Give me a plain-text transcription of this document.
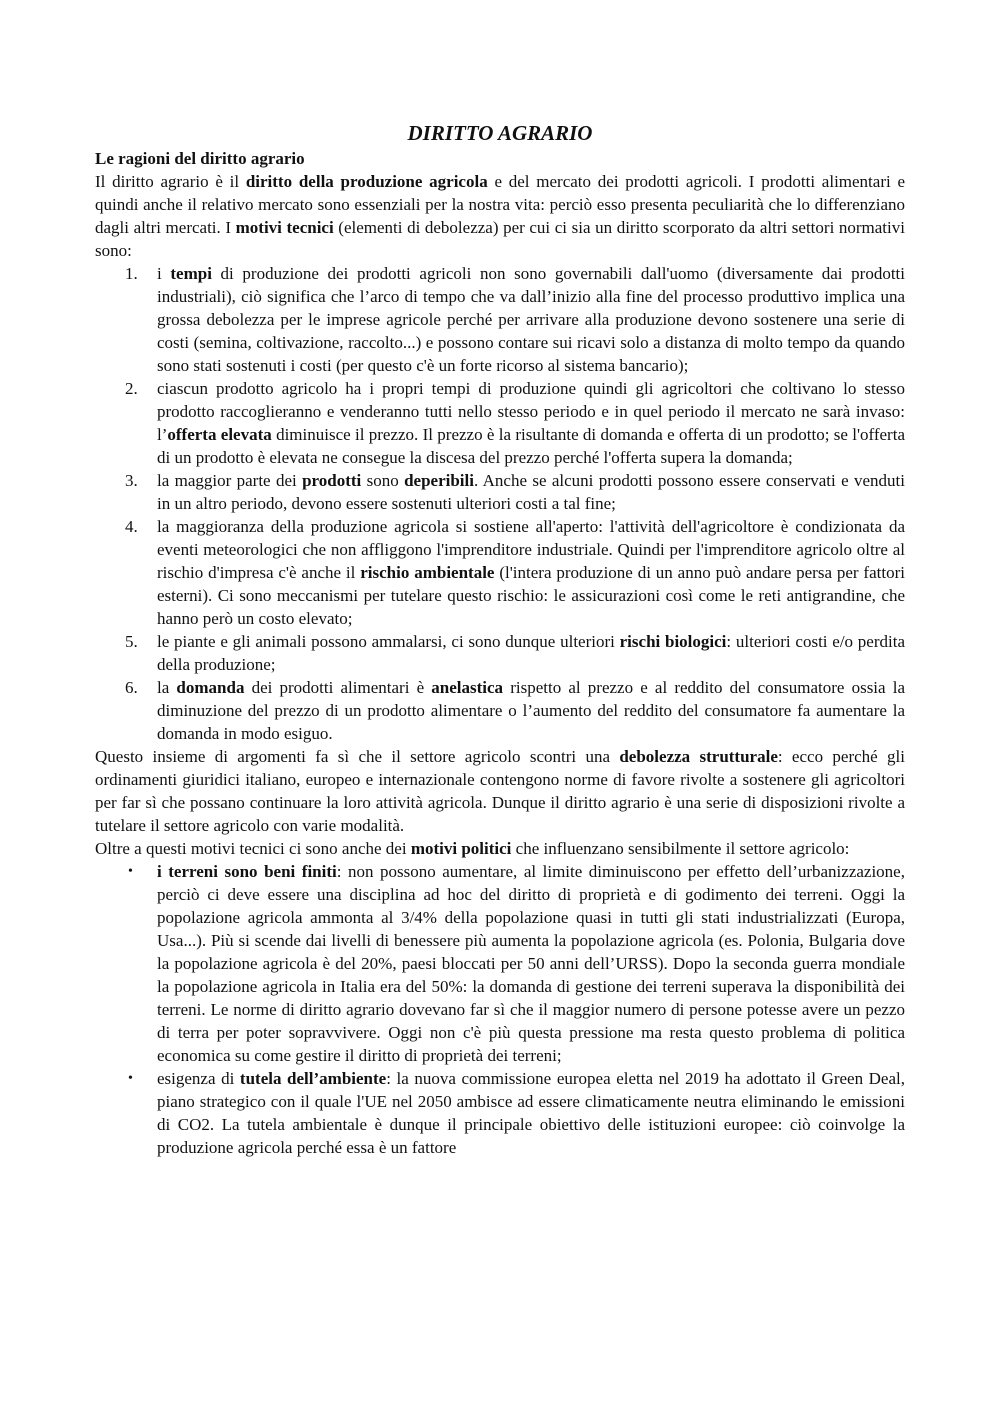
DIRITTO AGRARIO
Le ragioni del diritto agrario

Il diritto agrario è il diritto della produzione agricola e del mercato dei prodotti agricoli. I prodotti alimentari e quindi anche il relativo mercato sono essenziali per la nostra vita: perciò esso presenta peculiarità che lo differenziano dagli altri mercati. I motivi tecnici (elementi di debolezza) per cui ci sia un diritto scorporato da altri settori normativi sono:

1. i tempi di produzione dei prodotti agricoli non sono governabili dall'uomo (diversamente dai prodotti industriali), ciò significa che l’arco di tempo che va dall’inizio alla fine del processo produttivo implica una grossa debolezza per le imprese agricole perché per arrivare alla produzione devono sostenere una serie di costi (semina, coltivazione, raccolto...) e possono contare sui ricavi solo a distanza di molto tempo da quando sono stati sostenuti i costi (per questo c'è un forte ricorso al sistema bancario);
2. ciascun prodotto agricolo ha i propri tempi di produzione quindi gli agricoltori che coltivano lo stesso prodotto raccoglieranno e venderanno tutti nello stesso periodo e in quel periodo il mercato ne sarà invaso: l’offerta elevata diminuisce il prezzo. Il prezzo è la risultante di domanda e offerta di un prodotto; se l'offerta di un prodotto è elevata ne consegue la discesa del prezzo perché l'offerta supera la domanda;
3. la maggior parte dei prodotti sono deperibili. Anche se alcuni prodotti possono essere conservati e venduti in un altro periodo, devono essere sostenuti ulteriori costi a tal fine;
4. la maggioranza della produzione agricola si sostiene all'aperto: l'attività dell'agricoltore è condizionata da eventi meteorologici che non affliggono l'imprenditore industriale. Quindi per l'imprenditore agricolo oltre al rischio d'impresa c'è anche il rischio ambientale (l'intera produzione di un anno può andare persa per fattori esterni). Ci sono meccanismi per tutelare questo rischio: le assicurazioni così come le reti antigrandine, che hanno però un costo elevato;
5. le piante e gli animali possono ammalarsi, ci sono dunque ulteriori rischi biologici: ulteriori costi e/o perdita della produzione;
6. la domanda dei prodotti alimentari è anelastica rispetto al prezzo e al reddito del consumatore ossia la diminuzione del prezzo di un prodotto alimentare o l’aumento del reddito del consumatore fa aumentare la domanda in modo esiguo.

Questo insieme di argomenti fa sì che il settore agricolo scontri una debolezza strutturale: ecco perché gli ordinamenti giuridici italiano, europeo e internazionale contengono norme di favore rivolte a sostenere gli agricoltori per far sì che possano continuare la loro attività agricola. Dunque il diritto agrario è una serie di disposizioni rivolte a tutelare il settore agricolo con varie modalità.

Oltre a questi motivi tecnici ci sono anche dei motivi politici che influenzano sensibilmente il settore agricolo:

• i terreni sono beni finiti: non possono aumentare, al limite diminuiscono per effetto dell’urbanizzazione, perciò ci deve essere una disciplina ad hoc del diritto di proprietà e di godimento dei terreni. Oggi la popolazione agricola ammonta al 3/4% della popolazione quasi in tutti gli stati industrializzati (Europa, Usa...). Più si scende dai livelli di benessere più aumenta la popolazione agricola (es. Polonia, Bulgaria dove la popolazione agricola è del 20%, paesi bloccati per 50 anni dell’URSS). Dopo la seconda guerra mondiale la popolazione agricola in Italia era del 50%: la domanda di gestione dei terreni superava la disponibilità dei terreni. Le norme di diritto agrario dovevano far sì che il maggior numero di persone potesse avere un pezzo di terra per poter sopravvivere. Oggi non c'è più questa pressione ma resta questo problema di politica economica su come gestire il diritto di proprietà dei terreni;
• esigenza di tutela dell’ambiente: la nuova commissione europea eletta nel 2019 ha adottato il Green Deal, piano strategico con il quale l'UE nel 2050 ambisce ad essere climaticamente neutra eliminando le emissioni di CO2. La tutela ambientale è dunque il principale obiettivo delle istituzioni europee: ciò coinvolge la produzione agricola perché essa è un fattore
